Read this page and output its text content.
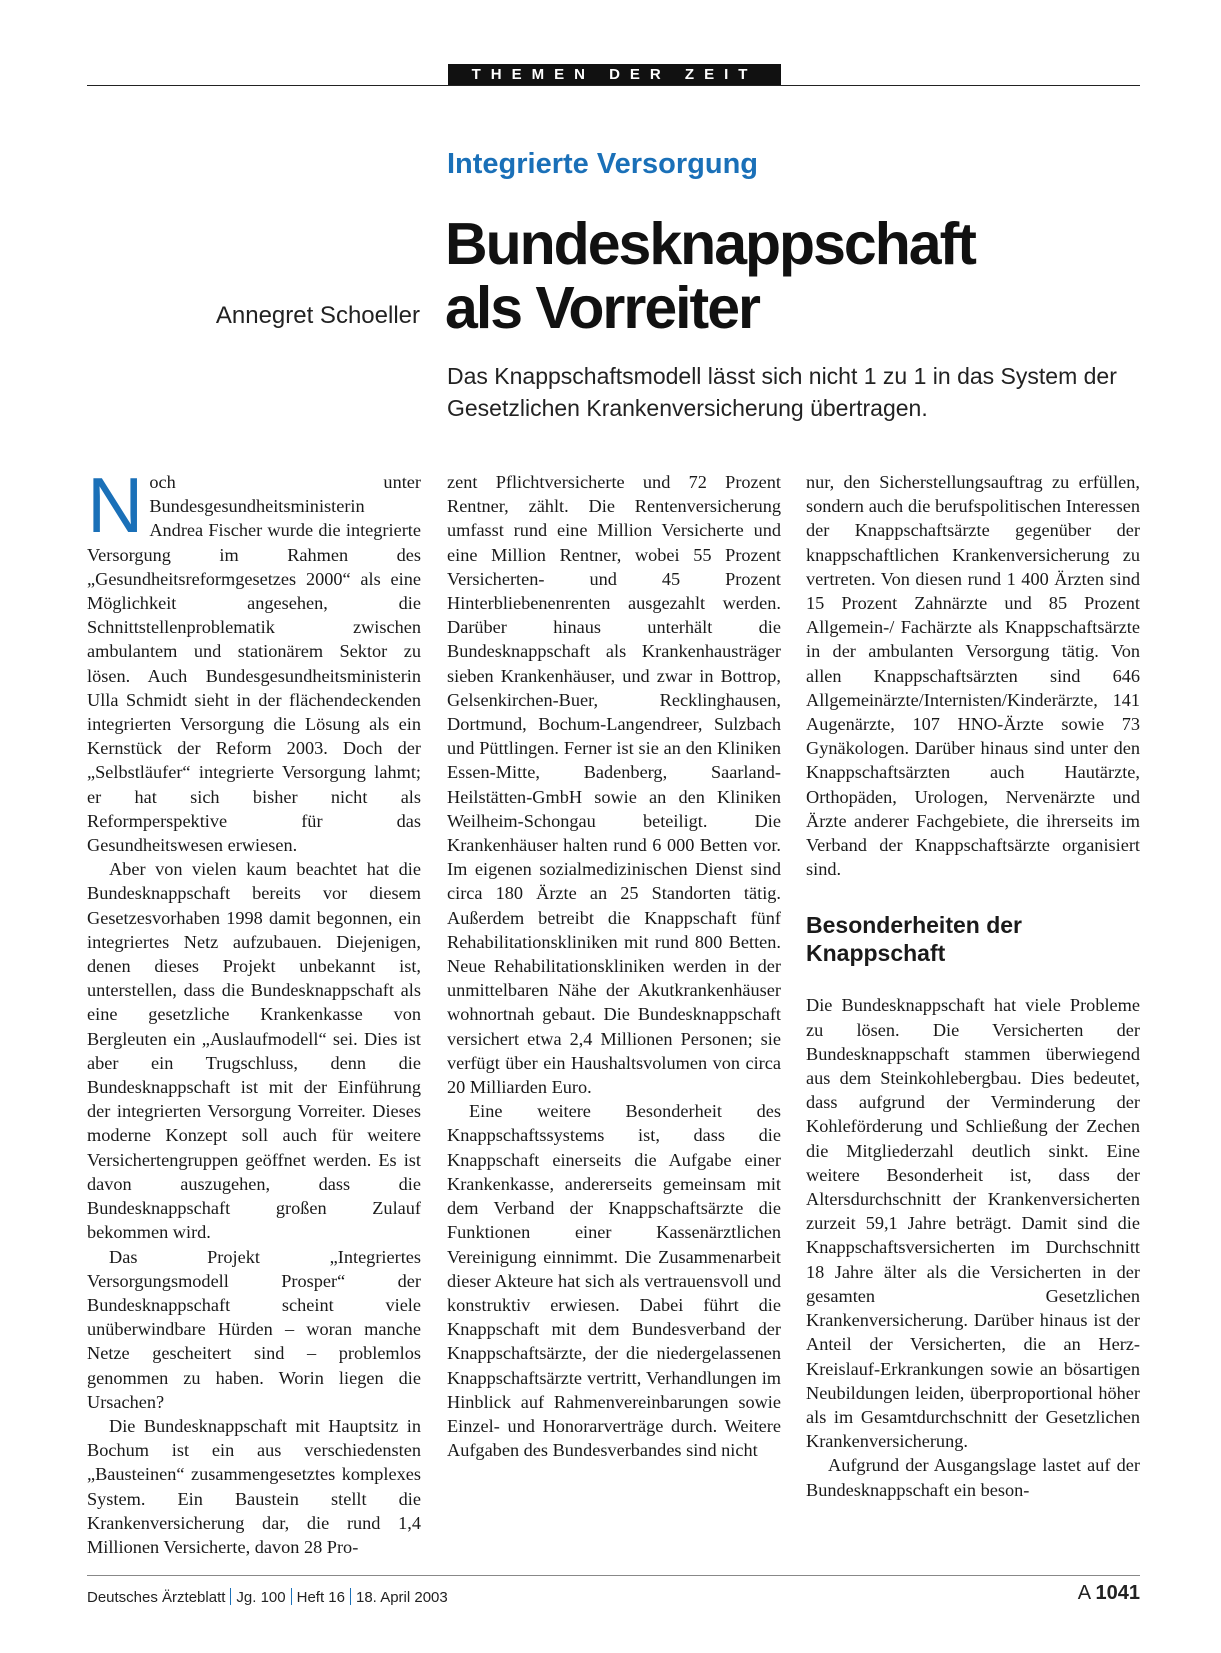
THEMEN DER ZEIT
Integrierte Versorgung
Bundesknappschaft
als Vorreiter
Annegret Schoeller
Das Knappschaftsmodell lässt sich nicht 1 zu 1 in das System der Gesetzlichen Krankenversicherung übertragen.

Noch unter Bundesgesundheitsministerin Andrea Fischer wurde die integrierte Versorgung im Rahmen des „Gesundheitsreformgesetzes 2000“ als eine Möglichkeit angesehen, die Schnittstellenproblematik zwischen ambulantem und stationärem Sektor zu lösen. Auch Bundesgesundheitsministerin Ulla Schmidt sieht in der flächendeckenden integrierten Versorgung die Lösung als ein Kernstück der Reform 2003. Doch der „Selbstläufer“ integrierte Versorgung lahmt; er hat sich bisher nicht als Reformperspektive für das Gesundheitswesen erwiesen.

Aber von vielen kaum beachtet hat die Bundesknappschaft bereits vor diesem Gesetzesvorhaben 1998 damit begonnen, ein integriertes Netz aufzubauen. Diejenigen, denen dieses Projekt unbekannt ist, unterstellen, dass die Bundesknappschaft als eine gesetzliche Krankenkasse von Bergleuten ein „Auslaufmodell“ sei. Dies ist aber ein Trugschluss, denn die Bundesknappschaft ist mit der Einführung der integrierten Versorgung Vorreiter. Dieses moderne Konzept soll auch für weitere Versichertengruppen geöffnet werden. Es ist davon auszugehen, dass die Bundesknappschaft großen Zulauf bekommen wird.

Das Projekt „Integriertes Versorgungsmodell Prosper“ der Bundesknappschaft scheint viele unüberwindbare Hürden – woran manche Netze gescheitert sind – problemlos genommen zu haben. Worin liegen die Ursachen?

Die Bundesknappschaft mit Hauptsitz in Bochum ist ein aus verschiedensten „Bausteinen“ zusammengesetztes komplexes System. Ein Baustein stellt die Krankenversicherung dar, die rund 1,4 Millionen Versicherte, davon 28 Pro-

zent Pflichtversicherte und 72 Prozent Rentner, zählt. Die Rentenversicherung umfasst rund eine Million Versicherte und eine Million Rentner, wobei 55 Prozent Versicherten- und 45 Prozent Hinterbliebenenrenten ausgezahlt werden. Darüber hinaus unterhält die Bundesknappschaft als Krankenhausträger sieben Krankenhäuser, und zwar in Bottrop, Gelsenkirchen-Buer, Recklinghausen, Dortmund, Bochum-Langendreer, Sulzbach und Püttlingen. Ferner ist sie an den Kliniken Essen-Mitte, Badenberg, Saarland-Heilstätten-GmbH sowie an den Kliniken Weilheim-Schongau beteiligt. Die Krankenhäuser halten rund 6 000 Betten vor. Im eigenen sozialmedizinischen Dienst sind circa 180 Ärzte an 25 Standorten tätig. Außerdem betreibt die Knappschaft fünf Rehabilitationskliniken mit rund 800 Betten. Neue Rehabilitationskliniken werden in der unmittelbaren Nähe der Akutkrankenhäuser wohnortnah gebaut. Die Bundesknappschaft versichert etwa 2,4 Millionen Personen; sie verfügt über ein Haushaltsvolumen von circa 20 Milliarden Euro.

Eine weitere Besonderheit des Knappschaftssystems ist, dass die Knappschaft einerseits die Aufgabe einer Krankenkasse, andererseits gemeinsam mit dem Verband der Knappschaftsärzte die Funktionen einer Kassenärztlichen Vereinigung einnimmt. Die Zusammenarbeit dieser Akteure hat sich als vertrauensvoll und konstruktiv erwiesen. Dabei führt die Knappschaft mit dem Bundesverband der Knappschaftsärzte, der die niedergelassenen Knappschaftsärzte vertritt, Verhandlungen im Hinblick auf Rahmenvereinbarungen sowie Einzel- und Honorarverträge durch. Weitere Aufgaben des Bundesverbandes sind nicht

nur, den Sicherstellungsauftrag zu erfüllen, sondern auch die berufspolitischen Interessen der Knappschaftsärzte gegenüber der knappschaftlichen Krankenversicherung zu vertreten. Von diesen rund 1 400 Ärzten sind 15 Prozent Zahnärzte und 85 Prozent Allgemein-/ Fachärzte als Knappschaftsärzte in der ambulanten Versorgung tätig. Von allen Knappschaftsärzten sind 646 Allgemeinärzte/Internisten/Kinderärzte, 141 Augenärzte, 107 HNO-Ärzte sowie 73 Gynäkologen. Darüber hinaus sind unter den Knappschaftsärzten auch Hautärzte, Orthopäden, Urologen, Nervenärzte und Ärzte anderer Fachgebiete, die ihrerseits im Verband der Knappschaftsärzte organisiert sind.

Besonderheiten der Knappschaft

Die Bundesknappschaft hat viele Probleme zu lösen. Die Versicherten der Bundesknappschaft stammen überwiegend aus dem Steinkohlebergbau. Dies bedeutet, dass aufgrund der Verminderung der Kohleförderung und Schließung der Zechen die Mitgliederzahl deutlich sinkt. Eine weitere Besonderheit ist, dass der Altersdurchschnitt der Krankenversicherten zurzeit 59,1 Jahre beträgt. Damit sind die Knappschaftsversicherten im Durchschnitt 18 Jahre älter als die Versicherten in der gesamten Gesetzlichen Krankenversicherung. Darüber hinaus ist der Anteil der Versicherten, die an Herz-Kreislauf-Erkrankungen sowie an bösartigen Neubildungen leiden, überproportional höher als im Gesamtdurchschnitt der Gesetzlichen Krankenversicherung.

Aufgrund der Ausgangslage lastet auf der Bundesknappschaft ein beson-

Deutsches Ärzteblatt Jg. 100 Heft 16 18. April 2003	A 1041
